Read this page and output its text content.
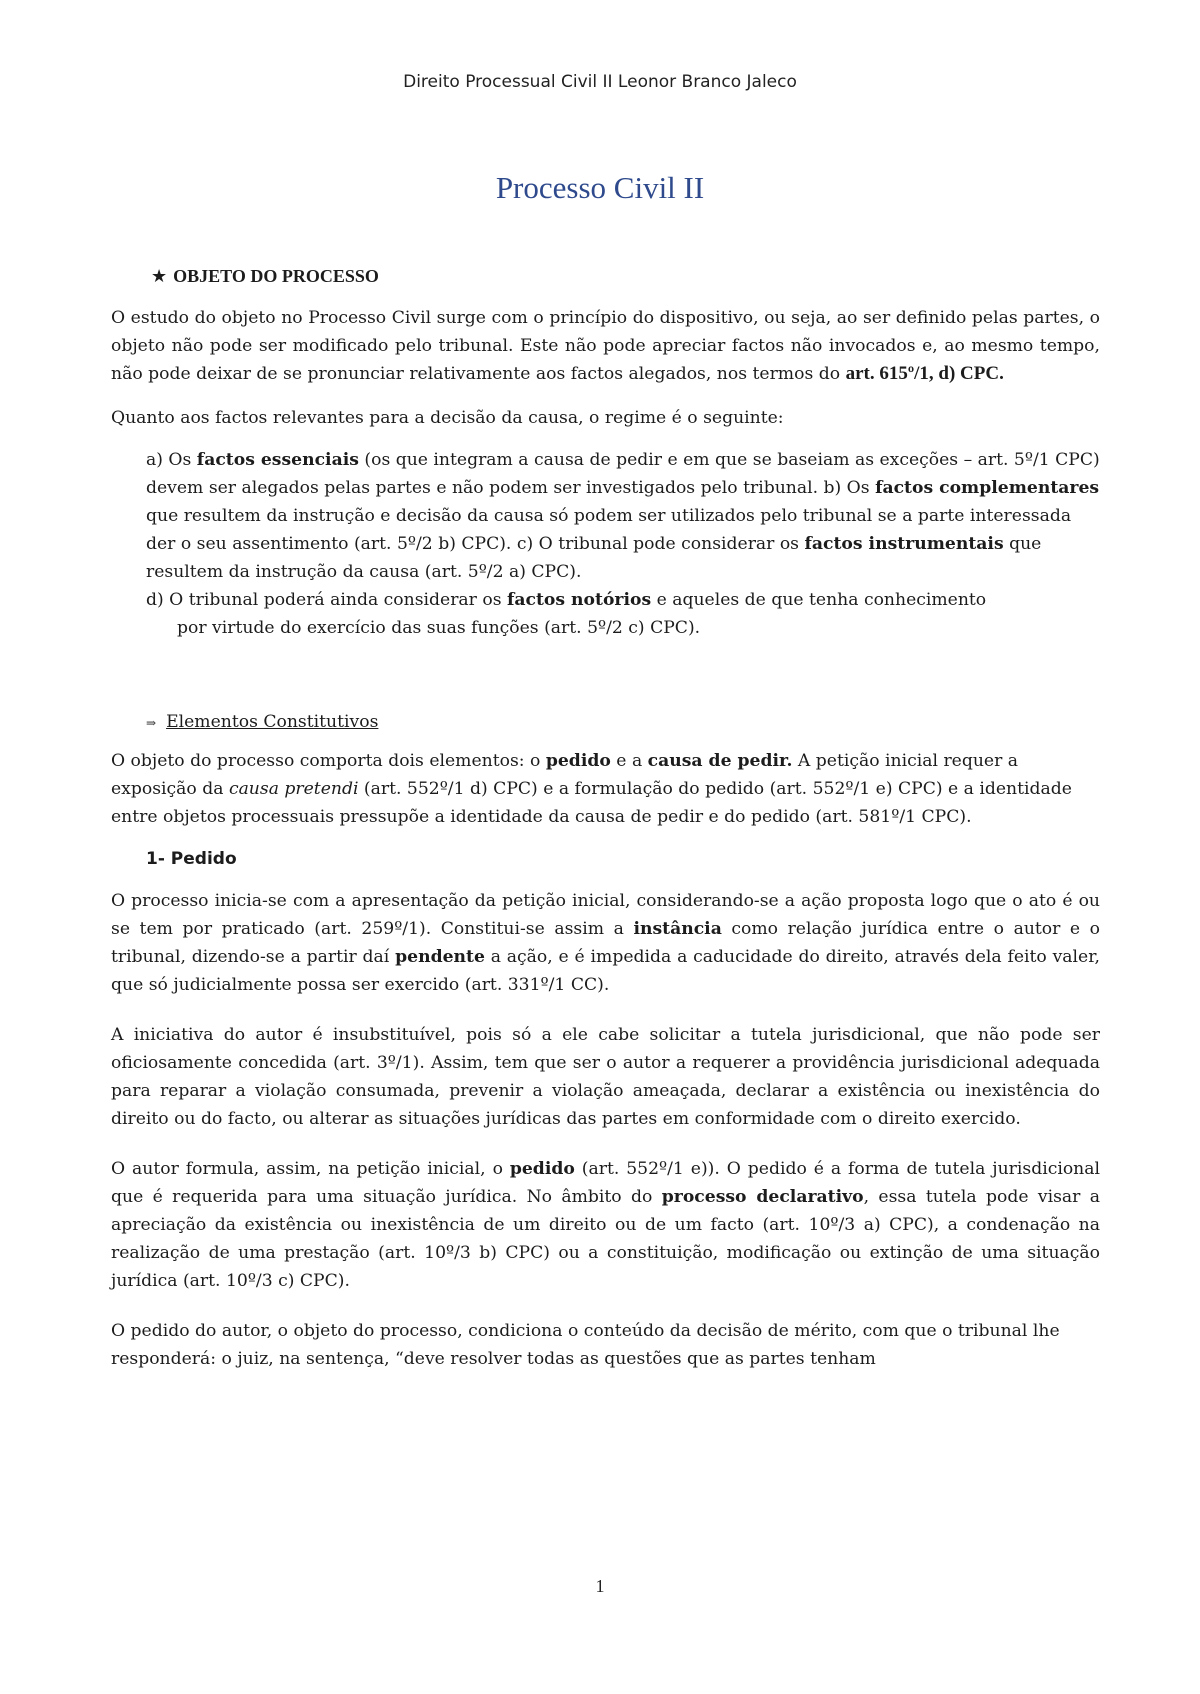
Direito Processual Civil II Leonor Branco Jaleco
Processo Civil II

★ OBJETO DO PROCESSO

O estudo do objeto no Processo Civil surge com o princípio do dispositivo, ou seja, ao ser definido pelas partes, o objeto não pode ser modificado pelo tribunal. Este não pode apreciar factos não invocados e, ao mesmo tempo, não pode deixar de se pronunciar relativamente aos factos alegados, nos termos do art. 615º/1, d) CPC.

Quanto aos factos relevantes para a decisão da causa, o regime é o seguinte:

a) Os factos essenciais (os que integram a causa de pedir e em que se baseiam as exceções – art. 5º/1 CPC) devem ser alegados pelas partes e não podem ser investigados pelo tribunal. b) Os factos complementares que resultem da instrução e decisão da causa só podem ser utilizados pelo tribunal se a parte interessada der o seu assentimento (art. 5º/2 b) CPC). c) O tribunal pode considerar os factos instrumentais que resultem da instrução da causa (art. 5º/2 a) CPC).

d) O tribunal poderá ainda considerar os factos notórios e aqueles de que tenha conhecimento
por virtude do exercício das suas funções (art. 5º/2 c) CPC).

⇒ Elementos Constitutivos

O objeto do processo comporta dois elementos: o pedido e a causa de pedir. A petição inicial requer a exposição da causa pretendi (art. 552º/1 d) CPC) e a formulação do pedido (art. 552º/1 e) CPC) e a identidade entre objetos processuais pressupõe a identidade da causa de pedir e do pedido (art. 581º/1 CPC).

1- Pedido

O processo inicia-se com a apresentação da petição inicial, considerando-se a ação proposta logo que o ato é ou se tem por praticado (art. 259º/1). Constitui-se assim a instância como relação jurídica entre o autor e o tribunal, dizendo-se a partir daí pendente a ação, e é impedida a caducidade do direito, através dela feito valer, que só judicialmente possa ser exercido (art. 331º/1 CC).

A iniciativa do autor é insubstituível, pois só a ele cabe solicitar a tutela jurisdicional, que não pode ser oficiosamente concedida (art. 3º/1). Assim, tem que ser o autor a requerer a providência jurisdicional adequada para reparar a violação consumada, prevenir a violação ameaçada, declarar a existência ou inexistência do direito ou do facto, ou alterar as situações jurídicas das partes em conformidade com o direito exercido.

O autor formula, assim, na petição inicial, o pedido (art. 552º/1 e)). O pedido é a forma de tutela jurisdicional que é requerida para uma situação jurídica. No âmbito do processo declarativo, essa tutela pode visar a apreciação da existência ou inexistência de um direito ou de um facto (art. 10º/3 a) CPC), a condenação na realização de uma prestação (art. 10º/3 b) CPC) ou a constituição, modificação ou extinção de uma situação jurídica (art. 10º/3 c) CPC).

O pedido do autor, o objeto do processo, condiciona o conteúdo da decisão de mérito, com que o tribunal lhe responderá: o juiz, na sentença, “deve resolver todas as questões que as partes tenham

1
